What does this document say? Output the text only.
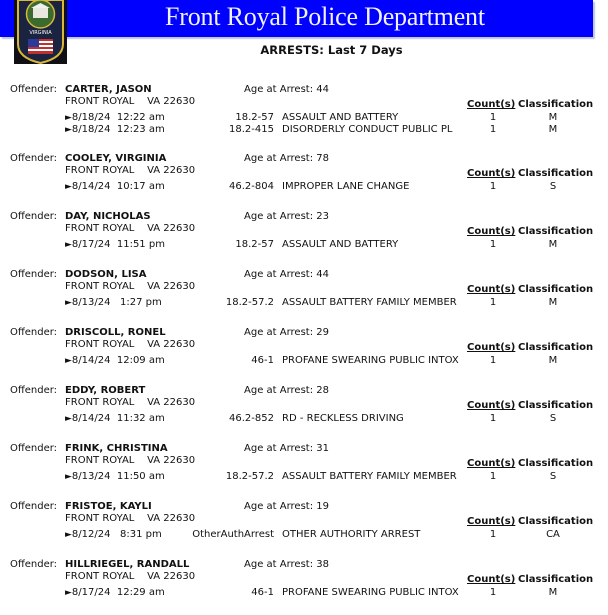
Front Royal Police Department
VIRGINIA
ARRESTS: Last 7 Days
Offender: CARTER, JASON	Age at Arrest: 44
FRONT ROYAL VA 22630	Count(s) Classification
►8/18/24 12:22 am	18.2-57 ASSAULT AND BATTERY	1	M
►8/18/24 12:23 am	18.2-415 DISORDERLY CONDUCT PUBLIC PL	1	M
Offender: COOLEY, VIRGINIA	Age at Arrest: 78
FRONT ROYAL VA 22630	Count(s) Classification
►8/14/24 10:17 am	46.2-804 IMPROPER LANE CHANGE	1	S
Offender: DAY, NICHOLAS	Age at Arrest: 23
FRONT ROYAL VA 22630	Count(s) Classification
►8/17/24 11:51 pm	18.2-57 ASSAULT AND BATTERY	1	M
Offender: DODSON, LISA	Age at Arrest: 44
FRONT ROYAL VA 22630	Count(s) Classification
►8/13/24   1:27 pm	18.2-57.2 ASSAULT BATTERY FAMILY MEMBER	1	M
Offender: DRISCOLL, RONEL	Age at Arrest: 29
FRONT ROYAL VA 22630	Count(s) Classification
►8/14/24 12:09 am	46-1 PROFANE SWEARING PUBLIC INTOX	1	M
Offender: EDDY, ROBERT	Age at Arrest: 28
FRONT ROYAL VA 22630	Count(s) Classification
►8/14/24 11:32 am	46.2-852 RD - RECKLESS DRIVING	1	S
Offender: FRINK, CHRISTINA	Age at Arrest: 31
FRONT ROYAL VA 22630	Count(s) Classification
►8/13/24 11:50 am	18.2-57.2 ASSAULT BATTERY FAMILY MEMBER	1	S
Offender: FRISTOE, KAYLI	Age at Arrest: 19
FRONT ROYAL VA 22630	Count(s) Classification
►8/12/24   8:31 pm	OtherAuthArrest OTHER AUTHORITY ARREST	1	CA
Offender: HILLRIEGEL, RANDALL	Age at Arrest: 38
FRONT ROYAL VA 22630	Count(s) Classification
►8/17/24 12:29 am	46-1 PROFANE SWEARING PUBLIC INTOX	1	M
